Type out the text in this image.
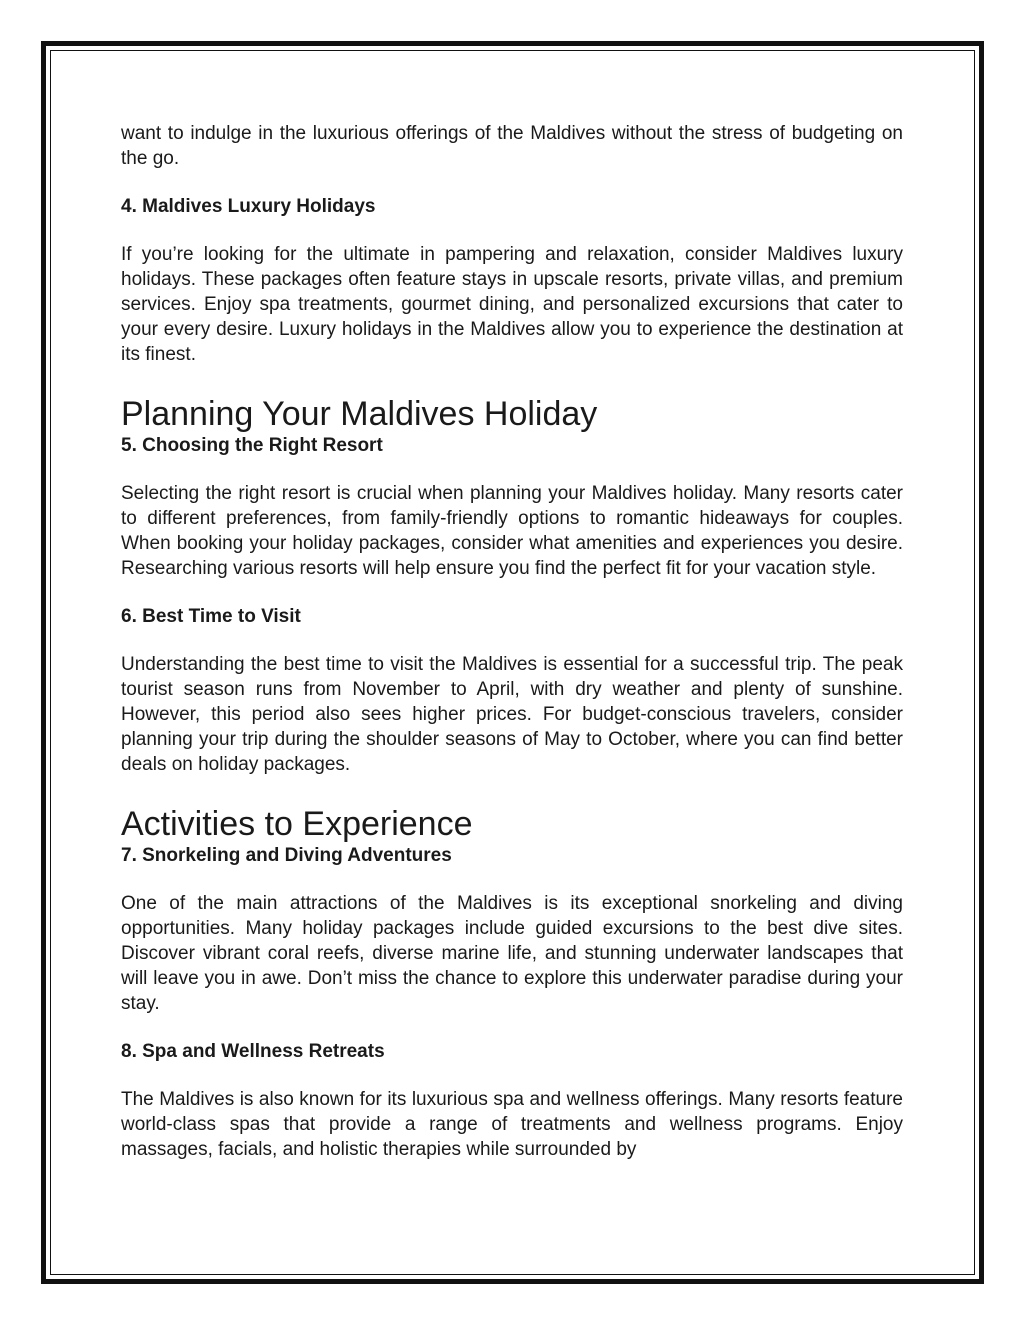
want to indulge in the luxurious offerings of the Maldives without the stress of budgeting on the go.

4. Maldives Luxury Holidays

If you’re looking for the ultimate in pampering and relaxation, consider Maldives luxury holidays. These packages often feature stays in upscale resorts, private villas, and premium services. Enjoy spa treatments, gourmet dining, and personalized excursions that cater to your every desire. Luxury holidays in the Maldives allow you to experience the destination at its finest.

Planning Your Maldives Holiday
5. Choosing the Right Resort

Selecting the right resort is crucial when planning your Maldives holiday. Many resorts cater to different preferences, from family-friendly options to romantic hideaways for couples. When booking your holiday packages, consider what amenities and experiences you desire. Researching various resorts will help ensure you find the perfect fit for your vacation style.

6. Best Time to Visit

Understanding the best time to visit the Maldives is essential for a successful trip. The peak tourist season runs from November to April, with dry weather and plenty of sunshine. However, this period also sees higher prices. For budget-conscious travelers, consider planning your trip during the shoulder seasons of May to October, where you can find better deals on holiday packages.

Activities to Experience
7. Snorkeling and Diving Adventures

One of the main attractions of the Maldives is its exceptional snorkeling and diving opportunities. Many holiday packages include guided excursions to the best dive sites. Discover vibrant coral reefs, diverse marine life, and stunning underwater landscapes that will leave you in awe. Don’t miss the chance to explore this underwater paradise during your stay.

8. Spa and Wellness Retreats

The Maldives is also known for its luxurious spa and wellness offerings. Many resorts feature world-class spas that provide a range of treatments and wellness programs. Enjoy massages, facials, and holistic therapies while surrounded by
